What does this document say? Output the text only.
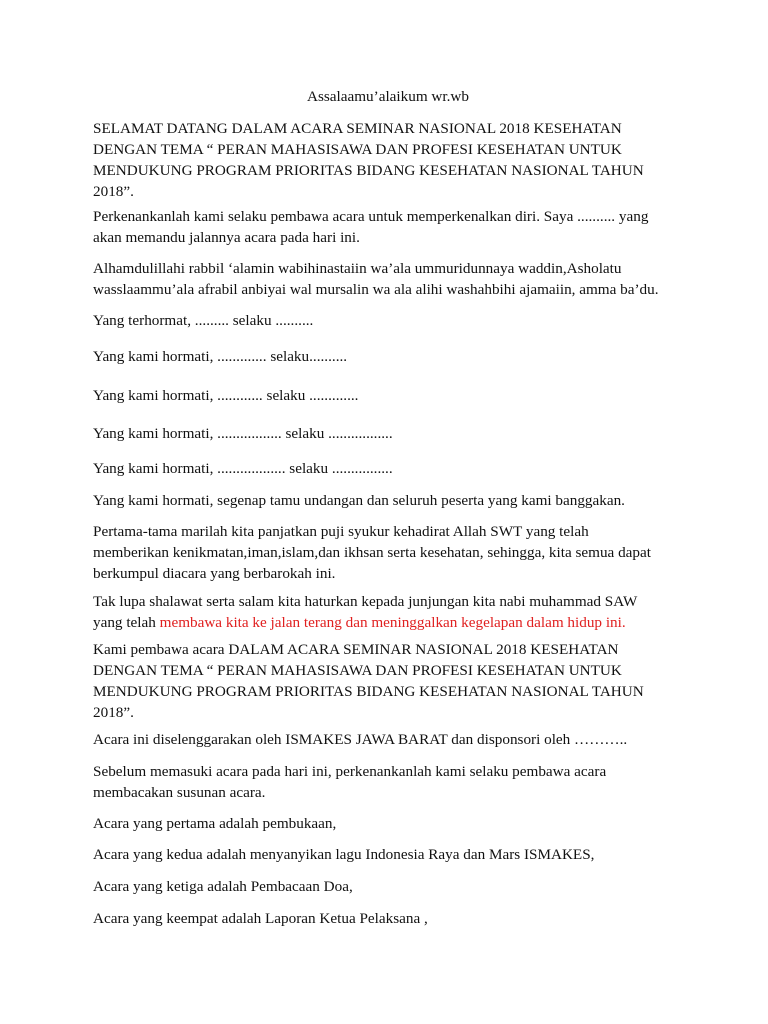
Assalaamu’alaikum wr.wb

SELAMAT DATANG DALAM ACARA SEMINAR NASIONAL 2018 KESEHATAN

DENGAN TEMA “ PERAN MAHASISAWA DAN PROFESI KESEHATAN UNTUK

MENDUKUNG PROGRAM PRIORITAS BIDANG KESEHATAN NASIONAL TAHUN

2018”.

Perkenankanlah kami selaku pembawa acara untuk memperkenalkan diri. Saya .......... yang

akan memandu jalannya acara pada hari ini.

Alhamdulillahi rabbil ‘alamin wabihinastaiin wa’ala ummuridunnaya waddin,Asholatu

wasslaammu’ala afrabil anbiyai wal mursalin wa ala alihi washahbihi ajamaiin, amma ba’du.

Yang terhormat, ......... selaku ..........

Yang kami hormati, ............. selaku..........

Yang kami hormati, ............ selaku .............

Yang kami hormati, ................. selaku .................

Yang kami hormati, .................. selaku ................

Yang kami hormati, segenap tamu undangan dan seluruh peserta yang kami banggakan.

Pertama-tama marilah kita panjatkan puji syukur kehadirat Allah SWT yang telah

memberikan kenikmatan,iman,islam,dan ikhsan serta kesehatan, sehingga, kita semua dapat

berkumpul diacara yang berbarokah ini.

Tak lupa shalawat serta salam kita haturkan kepada junjungan kita nabi muhammad SAW

yang telah membawa kita ke jalan terang dan meninggalkan kegelapan dalam hidup ini.

Kami pembawa acara DALAM ACARA SEMINAR NASIONAL 2018 KESEHATAN

DENGAN TEMA “ PERAN MAHASISAWA DAN PROFESI KESEHATAN UNTUK

MENDUKUNG PROGRAM PRIORITAS BIDANG KESEHATAN NASIONAL TAHUN

2018”.

Acara ini diselenggarakan oleh ISMAKES JAWA BARAT dan disponsori oleh ………..

Sebelum memasuki acara pada hari ini, perkenankanlah kami selaku pembawa acara

membacakan susunan acara.

Acara yang pertama adalah pembukaan,

Acara yang kedua adalah menyanyikan lagu Indonesia Raya dan Mars ISMAKES,

Acara yang ketiga adalah Pembacaan Doa,

Acara yang keempat adalah Laporan Ketua Pelaksana ,
